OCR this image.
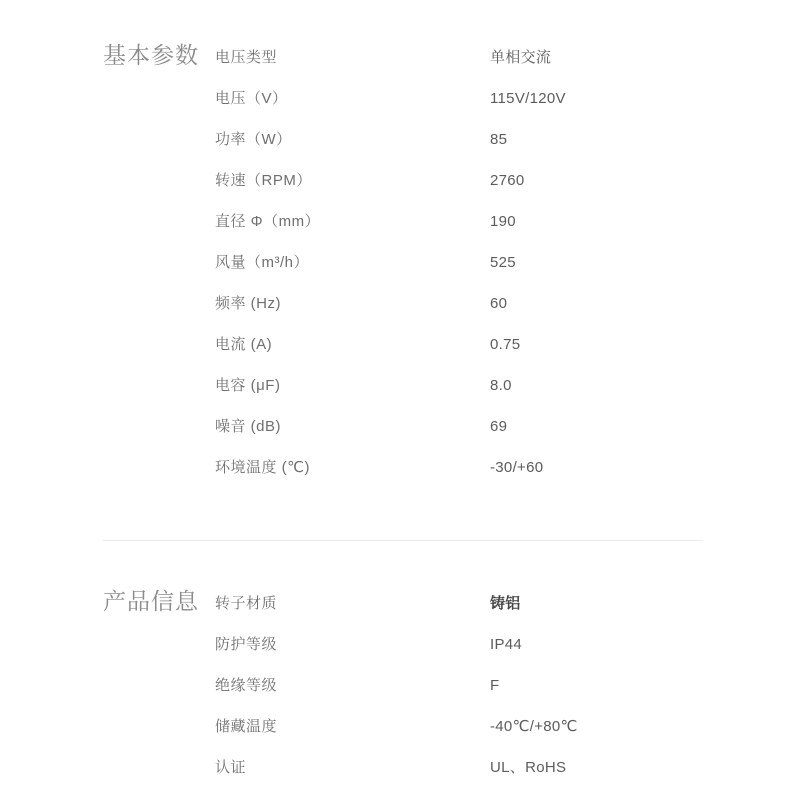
基本参数	电压类型	单相交流
电压（V）	115V/120V
功率（W）	85
转速（RPM）	2760
直径 Φ（mm）	190
风量（m³/h）	525
频率 (Hz)	60
电流 (A)	0.75
电容 (μF)	8.0
噪音 (dB)	69
环境温度 (℃)	-30/+60
产品信息	转子材质	铸铝
防护等级	IP44
绝缘等级	F
储藏温度	-40℃/+80℃
认证	UL、RoHS
